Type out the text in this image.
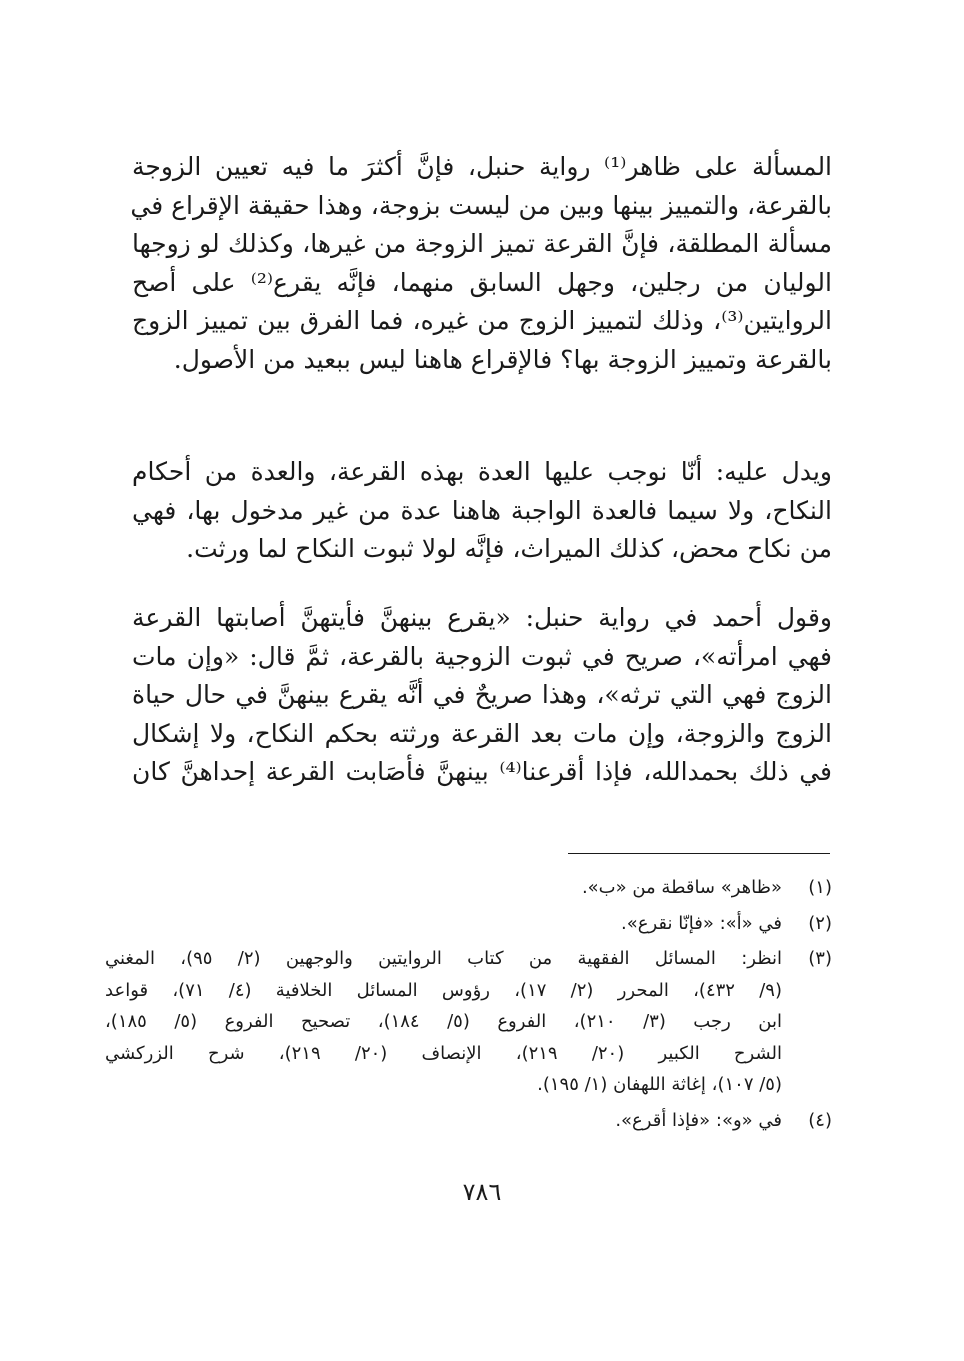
المسألة على ظاهر⁽¹⁾ رواية حنبل، فإنَّ أكثرَ ما فيه تعيين الزوجة
بالقرعة، والتمييز بينها وبين من ليست بزوجة، وهذا حقيقة الإقراع في
مسألة المطلقة، فإنَّ القرعة تميز الزوجة من غيرها، وكذلك لو زوجها
الوليان من رجلين، وجهل السابق منهما، فإنَّه يقرع⁽²⁾ على أصح
الروايتين⁽³⁾، وذلك لتمييز الزوج من غيره، فما الفرق بين تمييز الزوج
بالقرعة وتمييز الزوجة بها؟ فالإقراع هاهنا ليس ببعيد من الأصول.
ويدل عليه: أنّا نوجب عليها العدة بهذه القرعة، والعدة من أحكام
النكاح، ولا سيما فالعدة الواجبة هاهنا عدة من غير مدخول بها، فهي
من نكاح محض، كذلك الميراث، فإنَّه لولا ثبوت النكاح لما ورثت.
وقول أحمد في رواية حنبل: «يقرع بينهنَّ فأيتهنَّ أصابتها القرعة
فهي امرأته»، صريح في ثبوت الزوجية بالقرعة، ثمَّ قال: «وإن مات
الزوج فهي التي ترثه»، وهذا صريحٌ في أنَّه يقرع بينهنَّ في حال حياة
الزوج والزوجة، وإن مات بعد القرعة ورثته بحكم النكاح، ولا إشكال
في ذلك بحمدالله، فإذا أقرعنا⁽⁴⁾ بينهنَّ فأصَابت القرعة إحداهنَّ كان
(١)
«ظاهر» ساقطة من «ب».
(٢)
في «أ»: «فإنّا نقرع».
(٣)
انظر: المسائل الفقهية من كتاب الروايتين والوجهين (٢/ ٩٥)، المغني
(٩/ ٤٣٢)، المحرر (٢/ ١٧)، رؤوس المسائل الخلافية (٤/ ٧١)، قواعد
ابن رجب (٣/ ٢١٠)، الفروع (٥/ ١٨٤)، تصحيح الفروع (٥/ ١٨٥)،
الشرح الكبير (٢٠/ ٢١٩)، الإنصاف (٢٠/ ٢١٩)، شرح الزركشي
(٥/ ١٠٧)، إغاثة اللهفان (١/ ١٩٥).
(٤)
في «و»: «فإذا أقرع».
٧٨٦
